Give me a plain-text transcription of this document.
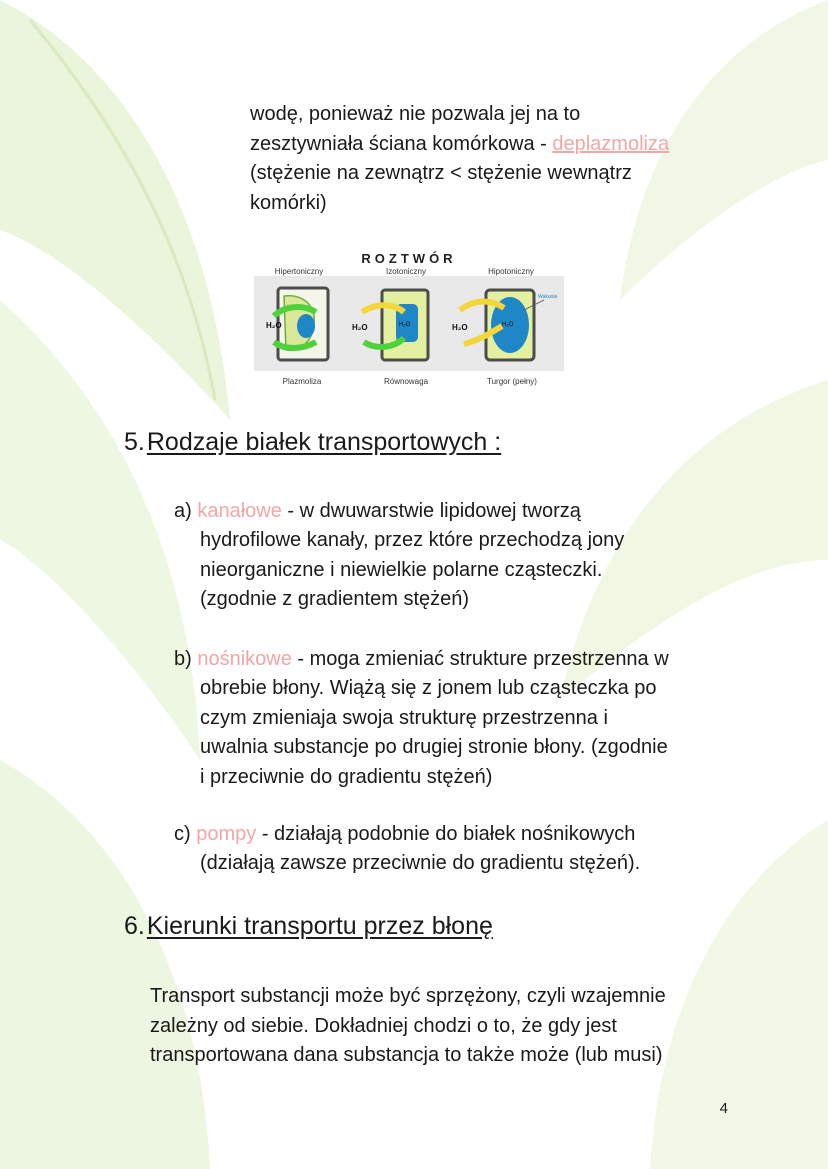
wodę, ponieważ nie pozwala jej na to
zesztywniała ściana komórkowa - deplazmoliza
(stężenie na zewnątrz < stężenie wewnątrz
komórki)

ROZTWÓR
Hipertoniczny	Izotoniczny	Hipotoniczny
H₂O	H₂O	H₂O	H₂O	H₂O
Wakuola
Plazmoliza	Równowaga	Turgor (pełny)
5.Rodzaje białek transportowych :
a) kanałowe - w dwuwarstwie lipidowej tworzą
hydrofilowe kanały, przez które przechodzą jony
nieorganiczne i niewielkie polarne cząsteczki.
(zgodnie z gradientem stężeń)
b) nośnikowe - moga zmieniać strukture przestrzenna w
obrebie błony. Wiążą się z jonem lub cząsteczka po
czym zmieniaja swoja strukturę przestrzenna i
uwalnia substancje po drugiej stronie błony. (zgodnie
i przeciwnie do gradientu stężeń)
c) pompy - działają podobnie do białek nośnikowych
(działają zawsze przeciwnie do gradientu stężeń).
6.Kierunki transportu przez błonę

Transport substancji może być sprzężony, czyli wzajemnie
zależny od siebie. Dokładniej chodzi o to, że gdy jest
transportowana dana substancja to także może (lub musi)

4
